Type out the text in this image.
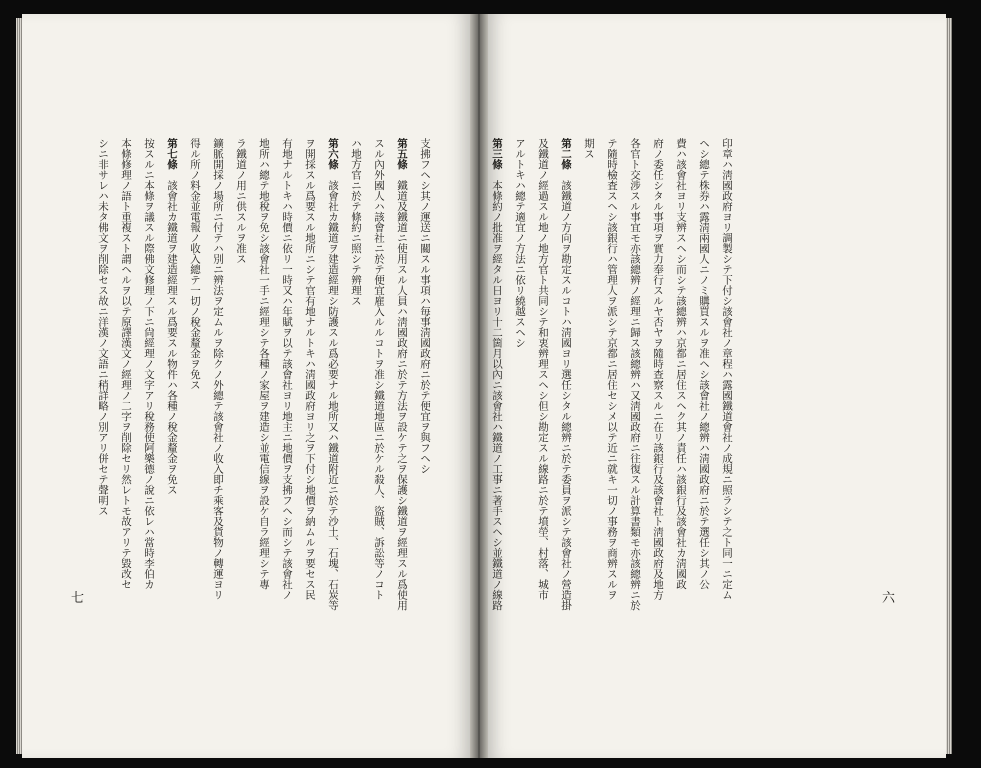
支拂フヘシ其ノ運送ニ關スル事項ハ毎事淸國政府ニ於テ便宜ヲ與フヘシ
第五條　鐵道及鐵道ニ使用スル人員ハ淸國政府ニ於テ方法ヲ設ケテ之ヲ保護シ鐵道ヲ經理スル爲使用
スル內外國人ハ該會社ニ於テ便宜雇入ルルコトヲ准シ鐵道地區ニ於ケル殺人、盜賊、訴訟等ノコト
ハ地方官ニ於テ條約ニ照シテ辨理ス
第六條　該會社カ鐵道ヲ建造經理シ防護スル爲必要ナル地所又ハ鐵道附近ニ於テ沙土、石塊、石炭等
ヲ開採スル爲要スル地所ニシテ官有地ナルトキハ淸國政府ヨリ之ヲ下付シ地價ヲ納ムルヲ要セス民
有地ナルトキハ時價ニ依リ一時又ハ年賦ヲ以テ該會社ヨリ地主ニ地價ヲ支拂フヘシ而シテ該會社ノ
地所ハ總テ地稅ヲ免シ該會社一手ニ經理シテ各種ノ家屋ヲ建造シ並電信線ヲ設ケ自ラ經理シテ專
ラ鐵道ノ用ニ供スルヲ准ス
鑛脈開採ノ場所ニ付テハ別ニ辨法ヲ定ムルヲ除クノ外總テ該會社ノ收入即チ乘客及貨物ノ轉運ヨリ
得ル所ノ料金並電報ノ收入總テ一切ノ稅金釐金ヲ免ス
第七條　該會社カ鐵道ヲ建造經理スル爲要スル物件ハ各種ノ稅金釐金ヲ免ス
按スルニ本條ヲ議スル際佛文修理ノ下ニ尙經理ノ文字アリ稅務使阿樂德ノ說ニ依レハ當時李伯カ
本條修理ノ語ト重複スト謂ヘルヲ以テ原譯漢文ノ經理ノ二字ヲ削除セリ然レトモ故アリテ毀改セ
シニ非サレハ未タ佛文ヲ削除セス故ニ洋漢ノ文語ニ稍詳略ノ別アリ併セテ聲明ス
七	印章ハ淸國政府ヨリ調製シテ下付シ該會社ノ章程ハ露國鐵道會社ノ成規ニ照ラシテ之ト同一ニ定ム
ヘシ總テ株券ハ露淸兩國人ニノミ購買スルヲ准ヘシ該會社ノ總辨ハ淸國政府ニ於テ選任シ其ノ公
費ハ該會社ヨリ支辨スヘシ而シテ該總辨ハ京都ニ居住スヘク其ノ責任ハ該銀行及該會社カ淸國政
府ノ委任シタル事項ヲ實力奉行スルヤ否ヤヲ隨時查察スルニ在リ該銀行及該會社ト淸國政府及地方
各官ト交涉スル事宜モ亦該總辨ノ經理ニ歸ス該總辨ハ又淸國政府ニ往復スル計算書類モ亦該總辨ニ於
テ隨時檢査スヘシ該銀行ハ管理人ヲ派シテ京都ニ居住セシメ以テ近ニ就キ一切ノ事務ヲ商辨スルヲ
期ス
第二條　該鐵道ノ方向ヲ勘定スルコトハ淸國ヨリ選任シタル總辨ニ於テ委員ヲ派シテ該會社ノ營造掛
及鐵道ノ經過スル地ノ地方官ト共同シテ和衷辨理スヘシ但シ勘定スル線路ニ於テ墳塋、村落、城市
アルトキハ總テ適宜ノ方法ニ依リ繞越スヘシ
第三條　本條約ノ批准ヲ經タル日ヨリ十二箇月以內ニ該會社ハ鐵道ノ工事ニ著手スヘシ並鐵道ノ線路
　	六
